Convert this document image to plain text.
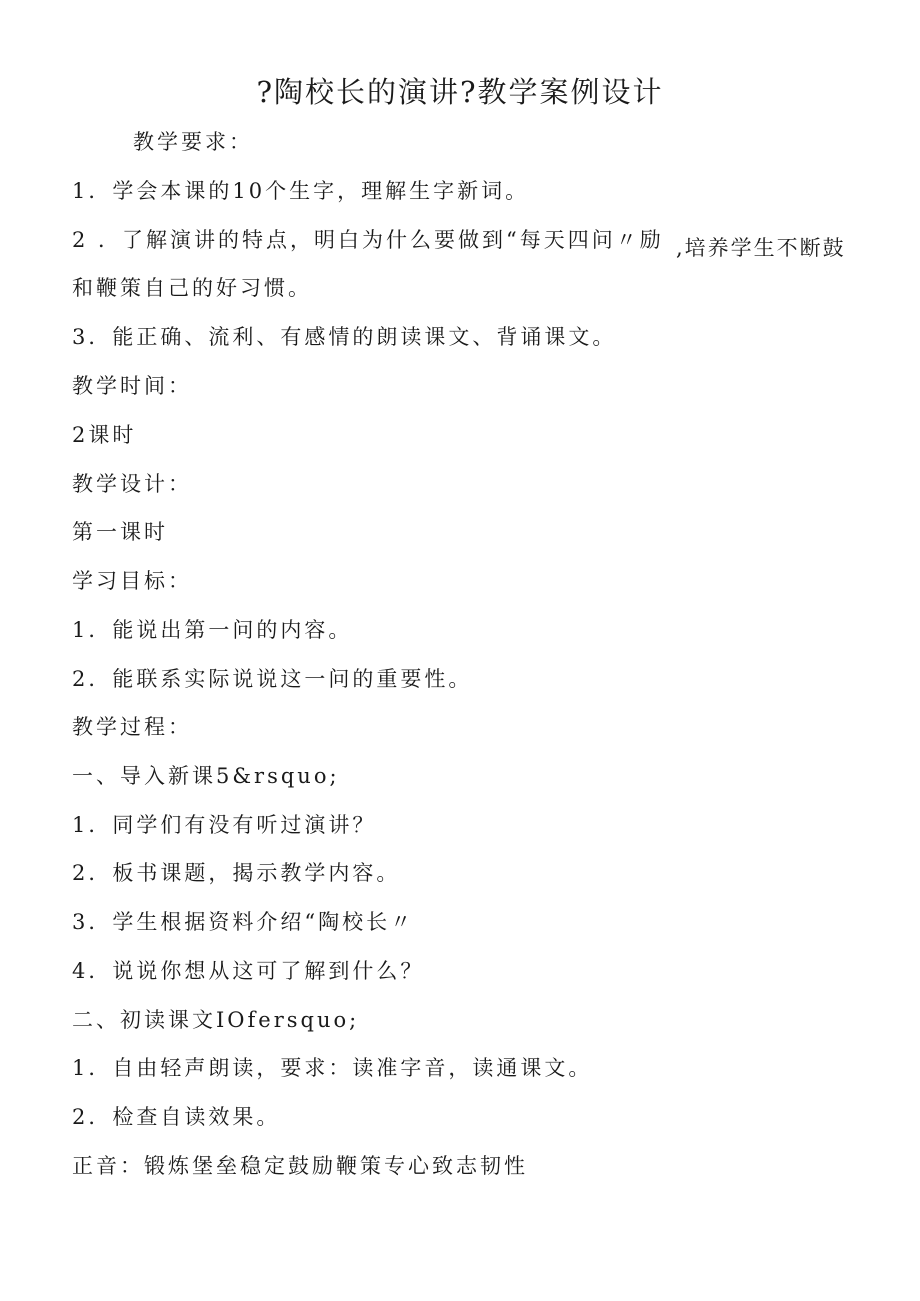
?陶校长的演讲?教学案例设计
教学要求：
1．学会本课的10个生字，理解生字新词。
2 ．了解演讲的特点，明白为什么要做到“每天四问〃励 ,培养学生不断鼓
和鞭策自己的好习惯。
3．能正确、流利、有感情的朗读课文、背诵课文。
教学时间：
2课时
教学设计：
第一课时
学习目标：
1．能说出第一问的内容。
2．能联系实际说说这一问的重要性。
教学过程：
一、导入新课5&rsquo;
1．同学们有没有听过演讲？
2．板书课题，揭示教学内容。
3．学生根据资料介绍“陶校长〃
4．说说你想从这可了解到什么？
二、初读课文IOfersquo;
1．自由轻声朗读，要求：读准字音，读通课文。
2．检查自读效果。
正音：锻炼堡垒稳定鼓励鞭策专心致志韧性
